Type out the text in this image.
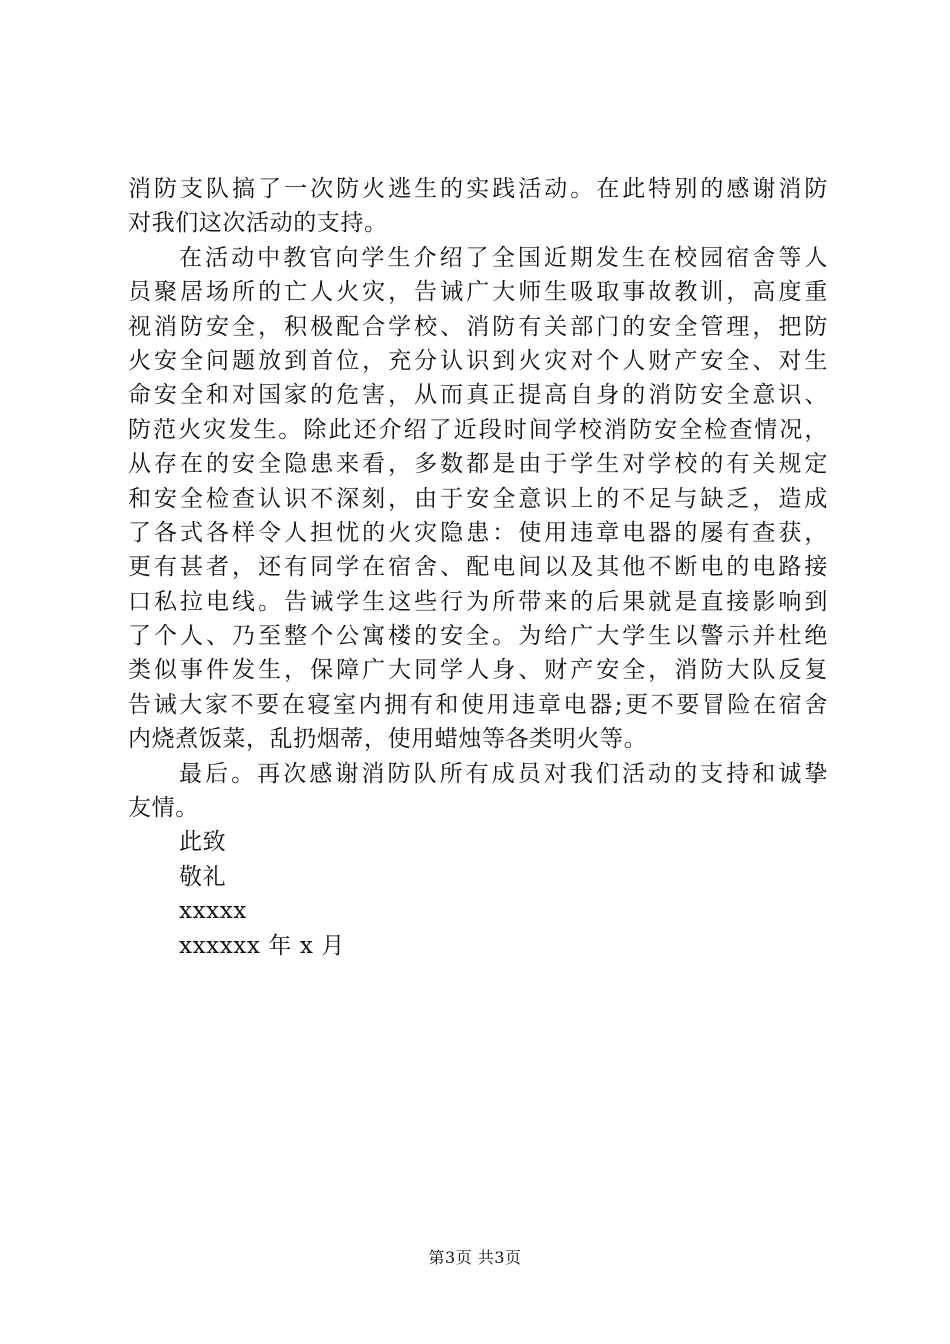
消防支队搞了一次防火逃生的实践活动。在此特别的感谢消防
对我们这次活动的支持。
在活动中教官向学生介绍了全国近期发生在校园宿舍等人
员聚居场所的亡人火灾，告诫广大师生吸取事故教训，高度重
视消防安全，积极配合学校、消防有关部门的安全管理，把防
火安全问题放到首位，充分认识到火灾对个人财产安全、对生
命安全和对国家的危害，从而真正提高自身的消防安全意识、
防范火灾发生。除此还介绍了近段时间学校消防安全检查情况，
从存在的安全隐患来看，多数都是由于学生对学校的有关规定
和安全检查认识不深刻，由于安全意识上的不足与缺乏，造成
了各式各样令人担忧的火灾隐患：使用违章电器的屡有查获，
更有甚者，还有同学在宿舍、配电间以及其他不断电的电路接
口私拉电线。告诫学生这些行为所带来的后果就是直接影响到
了个人、乃至整个公寓楼的安全。为给广大学生以警示并杜绝
类似事件发生，保障广大同学人身、财产安全，消防大队反复
告诫大家不要在寝室内拥有和使用违章电器;更不要冒险在宿舍
内烧煮饭菜，乱扔烟蒂，使用蜡烛等各类明火等。
最后。再次感谢消防队所有成员对我们活动的支持和诚挚
友情。
此致
敬礼
xxxxx
xxxxxx 年 x 月
第3页 共3页
